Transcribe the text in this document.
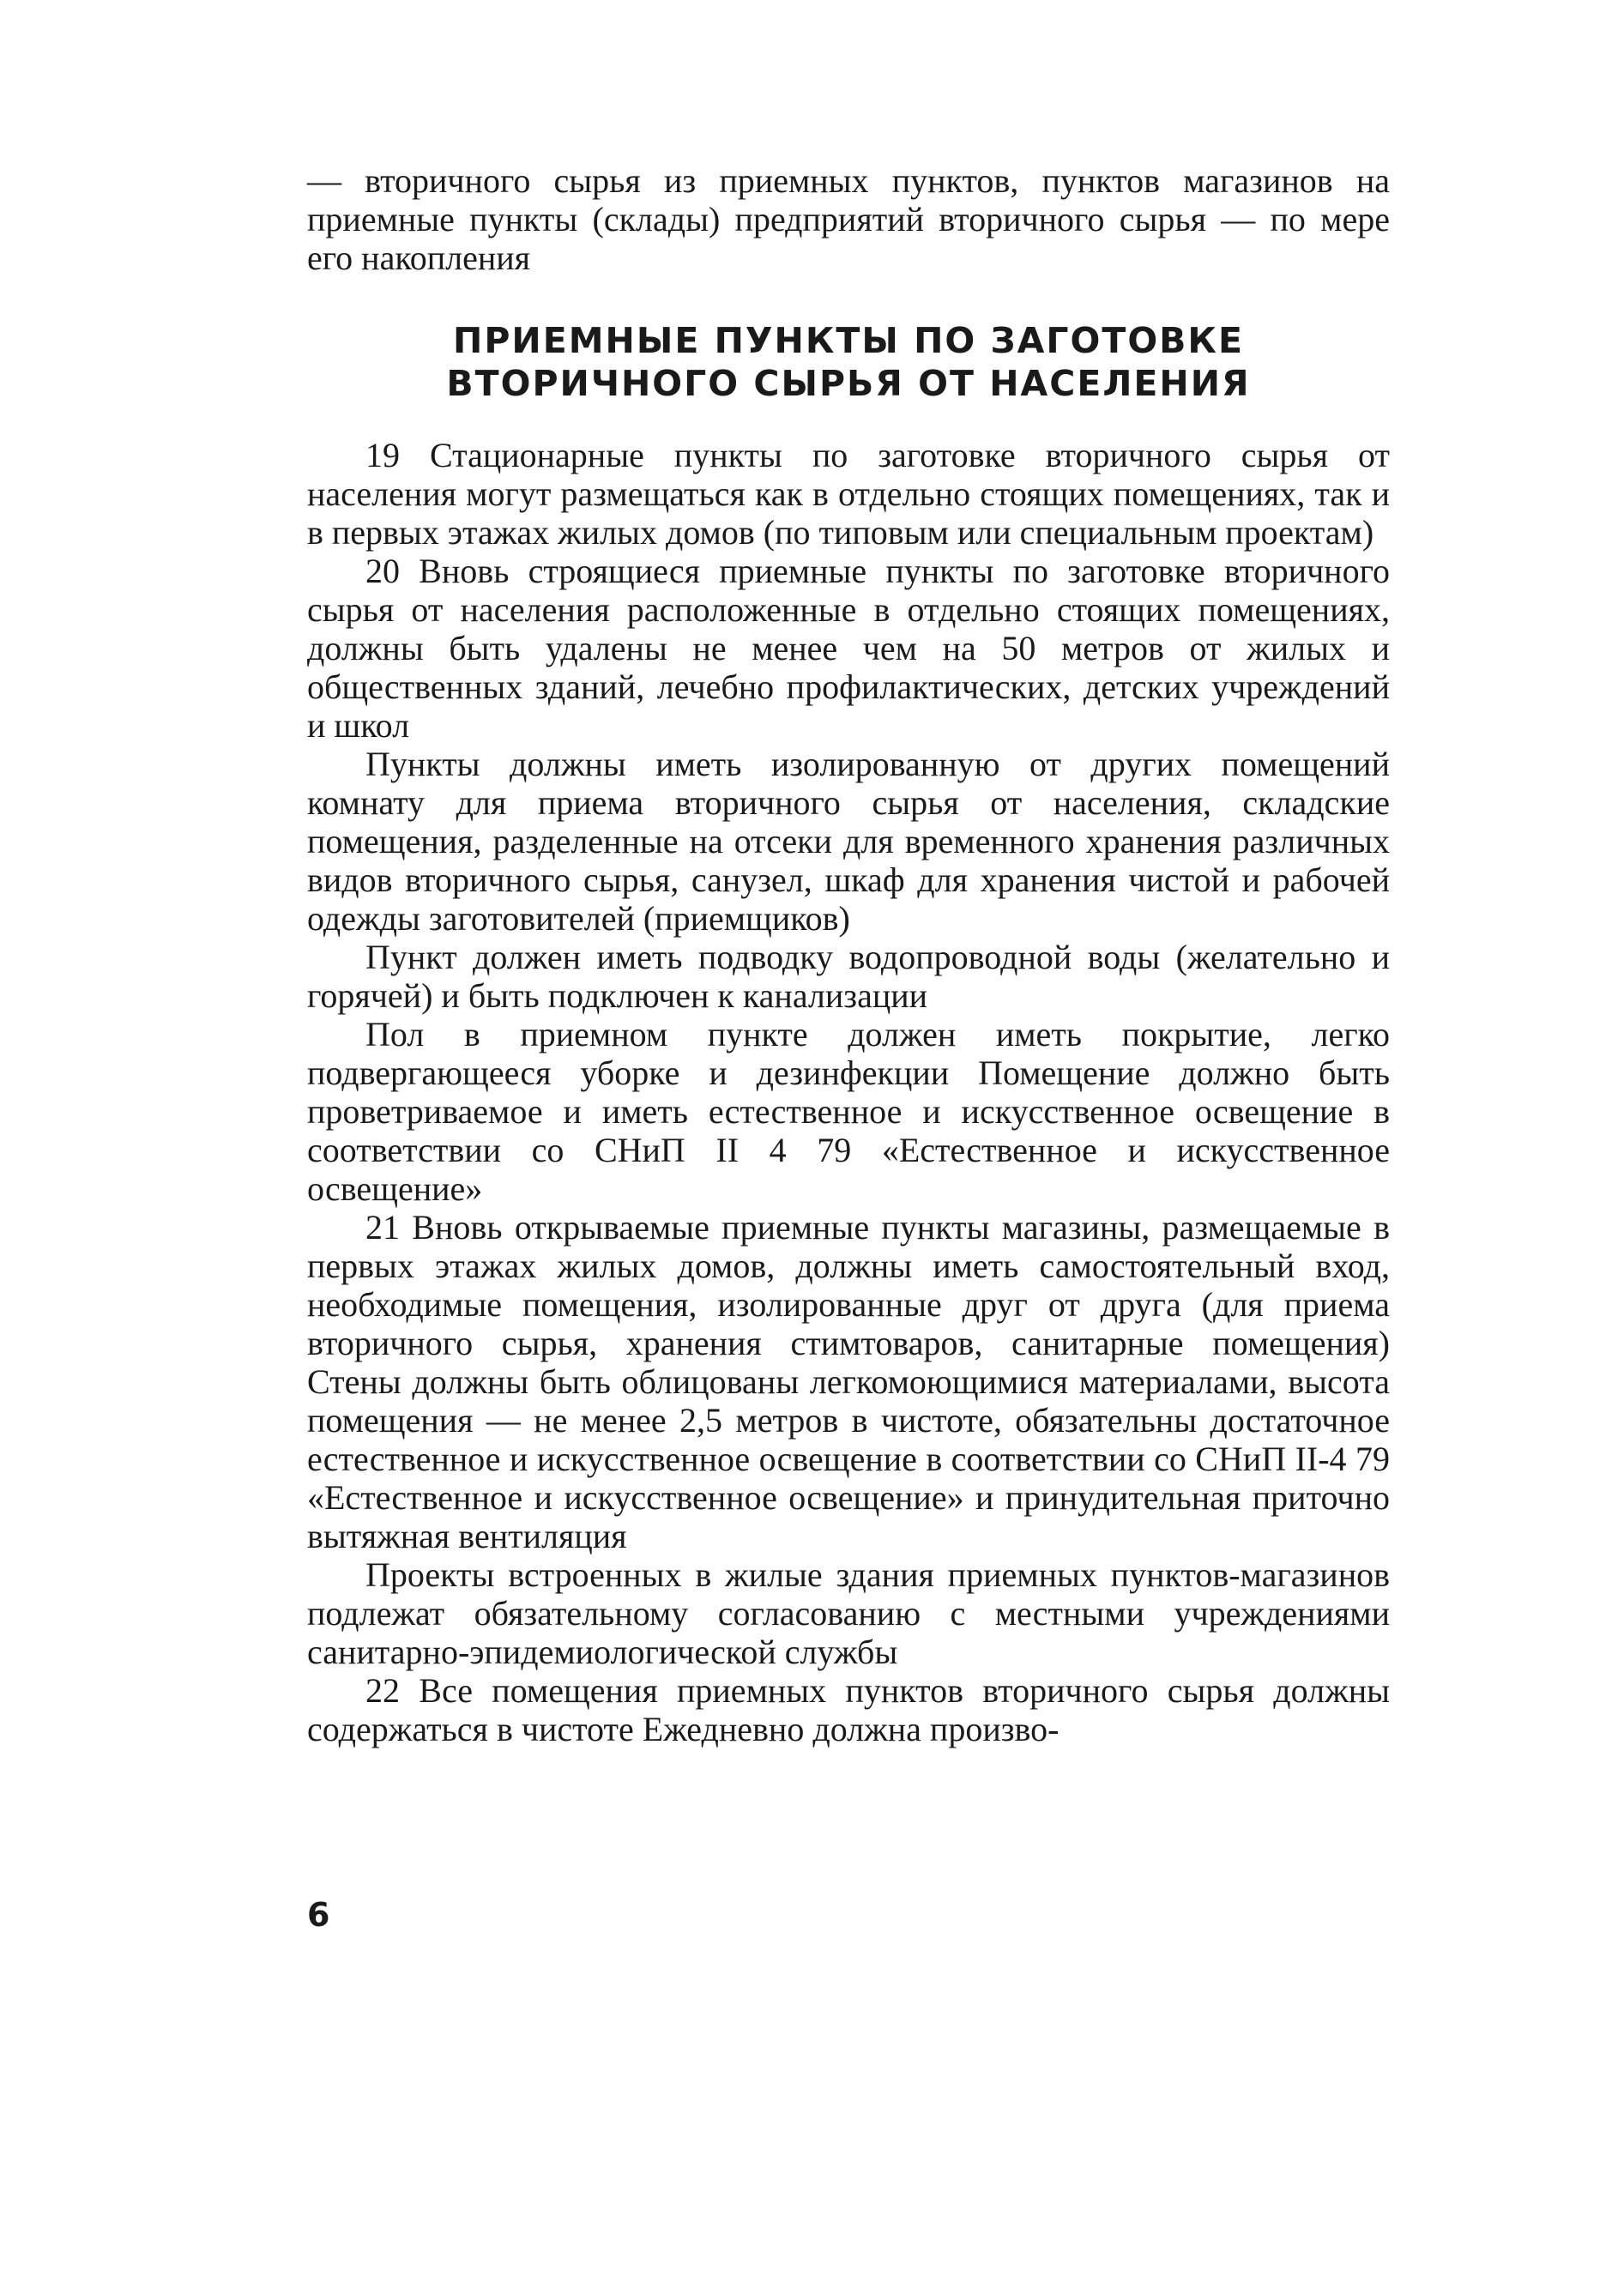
— вторичного сырья из приемных пунктов, пунктов магазинов на приемные пункты (склады) предприятий вторичного сырья — по мере его накопления

ПРИЕМНЫЕ ПУНКТЫ ПО ЗАГОТОВКЕ
ВТОРИЧНОГО СЫРЬЯ ОТ НАСЕЛЕНИЯ

19 Стационарные пункты по заготовке вторичного сырья от населения могут размещаться как в отдельно стоящих помещениях, так и в первых этажах жилых домов (по типовым или специальным проектам)

20 Вновь строящиеся приемные пункты по заготовке вторичного сырья от населения расположенные в отдельно стоящих помещениях, должны быть удалены не менее чем на 50 метров от жилых и общественных зданий, лечебно профилактических, детских учреждений и школ

Пункты должны иметь изолированную от других помещений комнату для приема вторичного сырья от населения, складские помещения, разделенные на отсеки для временного хранения различных видов вторичного сырья, санузел, шкаф для хранения чистой и рабочей одежды заготовителей (приемщиков)

Пункт должен иметь подводку водопроводной воды (желательно и горячей) и быть подключен к канализации

Пол в приемном пункте должен иметь покрытие, легко подвергающееся уборке и дезинфекции Помещение должно быть проветриваемое и иметь естественное и искусственное освещение в соответствии со СНиП II 4 79 «Естественное и искусственное освещение»

21 Вновь открываемые приемные пункты магазины, размещаемые в первых этажах жилых домов, должны иметь самостоятельный вход, необходимые помещения, изолированные друг от друга (для приема вторичного сырья, хранения стимтоваров, санитарные помещения) Стены должны быть облицованы легкомоющимися материалами, высота помещения — не менее 2,5 метров в чистоте, обязательны достаточное естественное и искусственное освещение в соответствии со СНиП II-4 79 «Естественное и искусственное освещение» и принудительная приточно вытяжная вентиляция

Проекты встроенных в жилые здания приемных пунктов-магазинов подлежат обязательному согласованию с местными учреждениями санитарно-эпидемиологической службы

22 Все помещения приемных пунктов вторичного сырья должны содержаться в чистоте Ежедневно должна произво-

6
